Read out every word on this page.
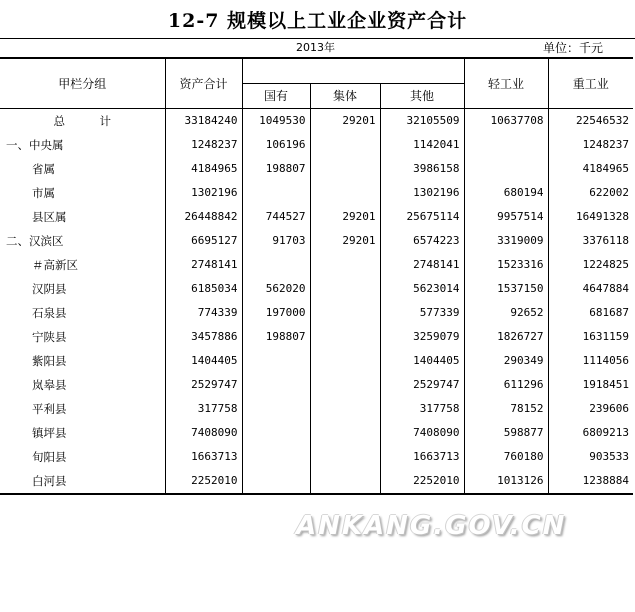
12-7 规模以上工业企业资产合计
2013年	单位：千元
甲栏分组	资产合计				轻工业	重工业
		国有	集体	其他		
总　　　计	33184240	1049530	29201	32105509	10637708	22546532
一、中央属	1248237	106196		1142041		1248237
省属	4184965	198807		3986158		4184965
市属	1302196			1302196	680194	622002
县区属	26448842	744527	29201	25675114	9957514	16491328
二、汉滨区	6695127	91703	29201	6574223	3319009	3376118
＃高新区	2748141			2748141	1523316	1224825
汉阴县	6185034	562020		5623014	1537150	4647884
石泉县	774339	197000		577339	92652	681687
宁陕县	3457886	198807		3259079	1826727	1631159
紫阳县	1404405			1404405	290349	1114056
岚皋县	2529747			2529747	611296	1918451
平利县	317758			317758	78152	239606
镇坪县	7408090			7408090	598877	6809213
旬阳县	1663713			1663713	760180	903533
白河县	2252010			2252010	1013126	1238884
ANKANG.GOV.CN
